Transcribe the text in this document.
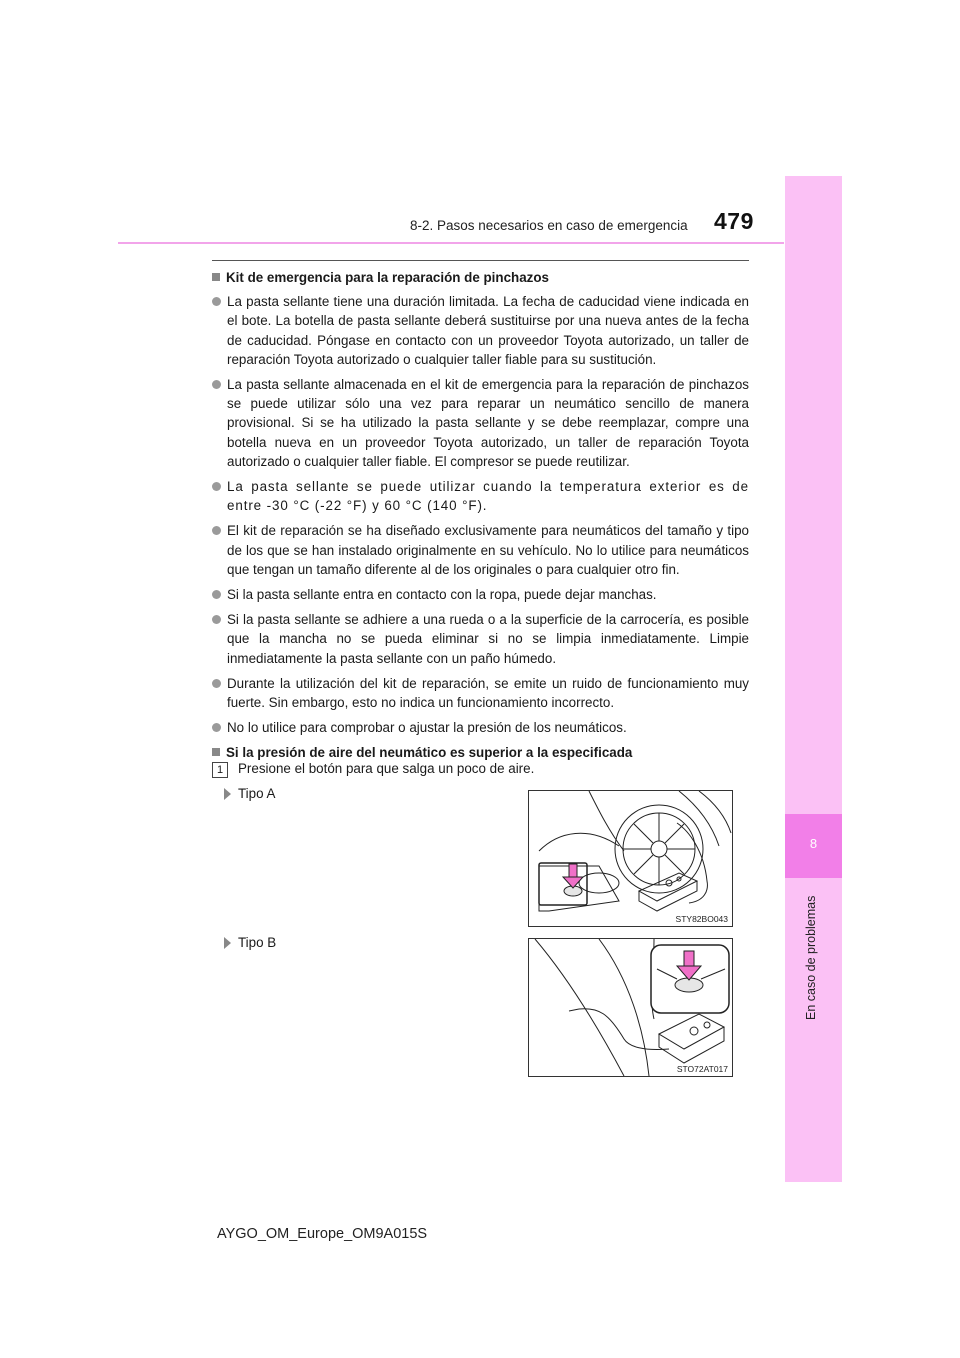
8-2. Pasos necesarios en caso de emergencia 479
8
En caso de problemas
Kit de emergencia para la reparación de pinchazos
La pasta sellante tiene una duración limitada. La fecha de caducidad viene indicada en el bote. La botella de pasta sellante deberá sustituirse por una nueva antes de la fecha de caducidad. Póngase en contacto con un proveedor Toyota autorizado, un taller de reparación Toyota autorizado o cualquier taller fiable para su sustitución.
La pasta sellante almacenada en el kit de emergencia para la reparación de pinchazos se puede utilizar sólo una vez para reparar un neumático sencillo de manera provisional. Si se ha utilizado la pasta sellante y se debe reemplazar, compre una botella nueva en un proveedor Toyota autorizado, un taller de reparación Toyota autorizado o cualquier taller fiable. El compresor se puede reutilizar.
La pasta sellante se puede utilizar cuando la temperatura exterior es de entre -30 °C (-22 °F) y 60 °C (140 °F).
El kit de reparación se ha diseñado exclusivamente para neumáticos del tamaño y tipo de los que se han instalado originalmente en su vehículo. No lo utilice para neumáticos que tengan un tamaño diferente al de los originales o para cualquier otro fin.
Si la pasta sellante entra en contacto con la ropa, puede dejar manchas.
Si la pasta sellante se adhiere a una rueda o a la superficie de la carrocería, es posible que la mancha no se pueda eliminar si no se limpia inmediatamente. Limpie inmediatamente la pasta sellante con un paño húmedo.
Durante la utilización del kit de reparación, se emite un ruido de funcionamiento muy fuerte. Sin embargo, esto no indica un funcionamiento incorrecto.
No lo utilice para comprobar o ajustar la presión de los neumáticos.
Si la presión de aire del neumático es superior a la especificada
1	Presione el botón para que salga un poco de aire.
Tipo A
Tipo B
STY82BO043
STO72AT017
AYGO_OM_Europe_OM9A015S
